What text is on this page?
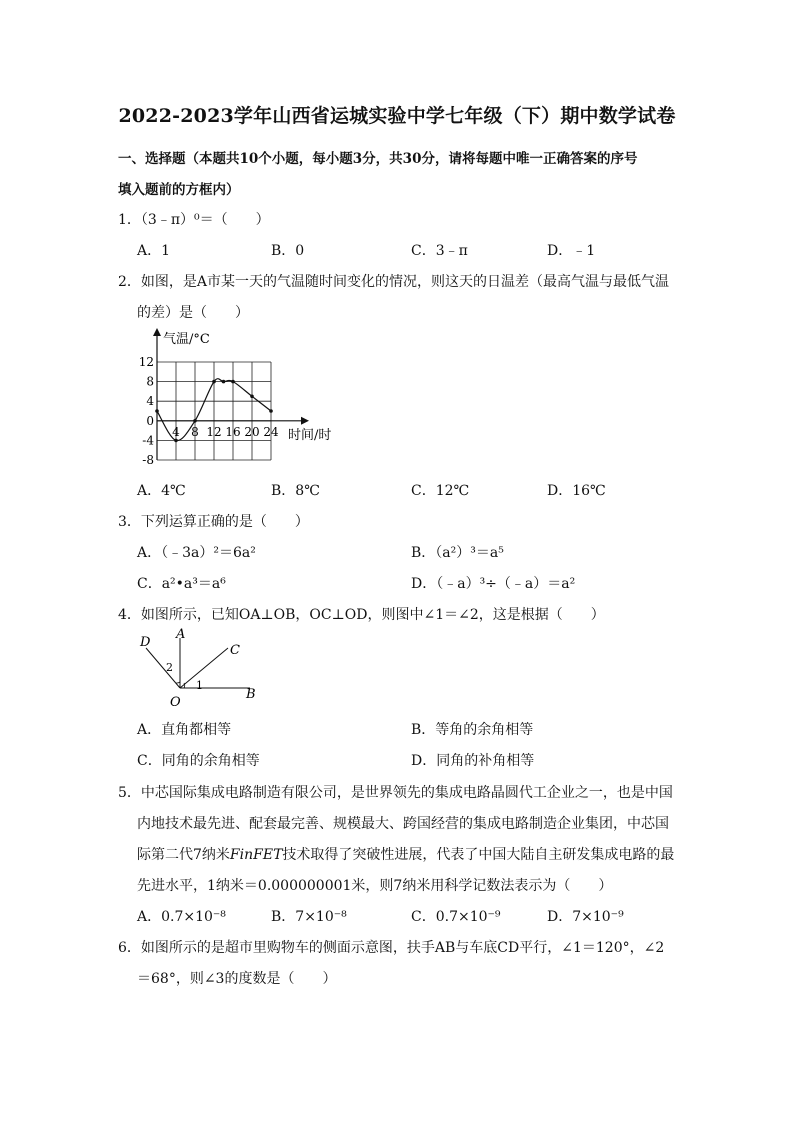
2022-2023学年山西省运城实验中学七年级（下）期中数学试卷
一、选择题（本题共10个小题，每小题3分，共30分，请将每题中唯一正确答案的序号
填入题前的方框内）
1．（3﹣π）⁰＝（　　）
A．1	B．0	C．3﹣π	D．﹣1
2．如图，是A市某一天的气温随时间变化的情况，则这天的日温差（最高气温与最低气温
的差）是（　　）
气温/°C
时间/时
12
8
4
0
-4
-8
4 8 12 16 20 24
A．4℃	B．8℃	C．12℃	D．16℃
3．下列运算正确的是（　　）
A．（﹣3a）²＝6a²	B．（a²）³＝a⁵
C．a²•a³＝a⁶	D．（﹣a）³÷（﹣a）＝a²
4．如图所示，已知OA⊥OB，OC⊥OD，则图中∠1＝∠2，这是根据（　　）
D
A
C
B
O
1
2
A．直角都相等	B．等角的余角相等
C．同角的余角相等	D．同角的补角相等
5．中芯国际集成电路制造有限公司，是世界领先的集成电路晶圆代工企业之一，也是中国
内地技术最先进、配套最完善、规模最大、跨国经营的集成电路制造企业集团，中芯国
际第二代7纳米FinFET技术取得了突破性进展，代表了中国大陆自主研发集成电路的最
先进水平，1纳米＝0.000000001米，则7纳米用科学记数法表示为（　　）
A．0.7×10⁻⁸	B．7×10⁻⁸	C．0.7×10⁻⁹	D．7×10⁻⁹
6．如图所示的是超市里购物车的侧面示意图，扶手AB与车底CD平行，∠1＝120°，∠2
＝68°，则∠3的度数是（　　）
